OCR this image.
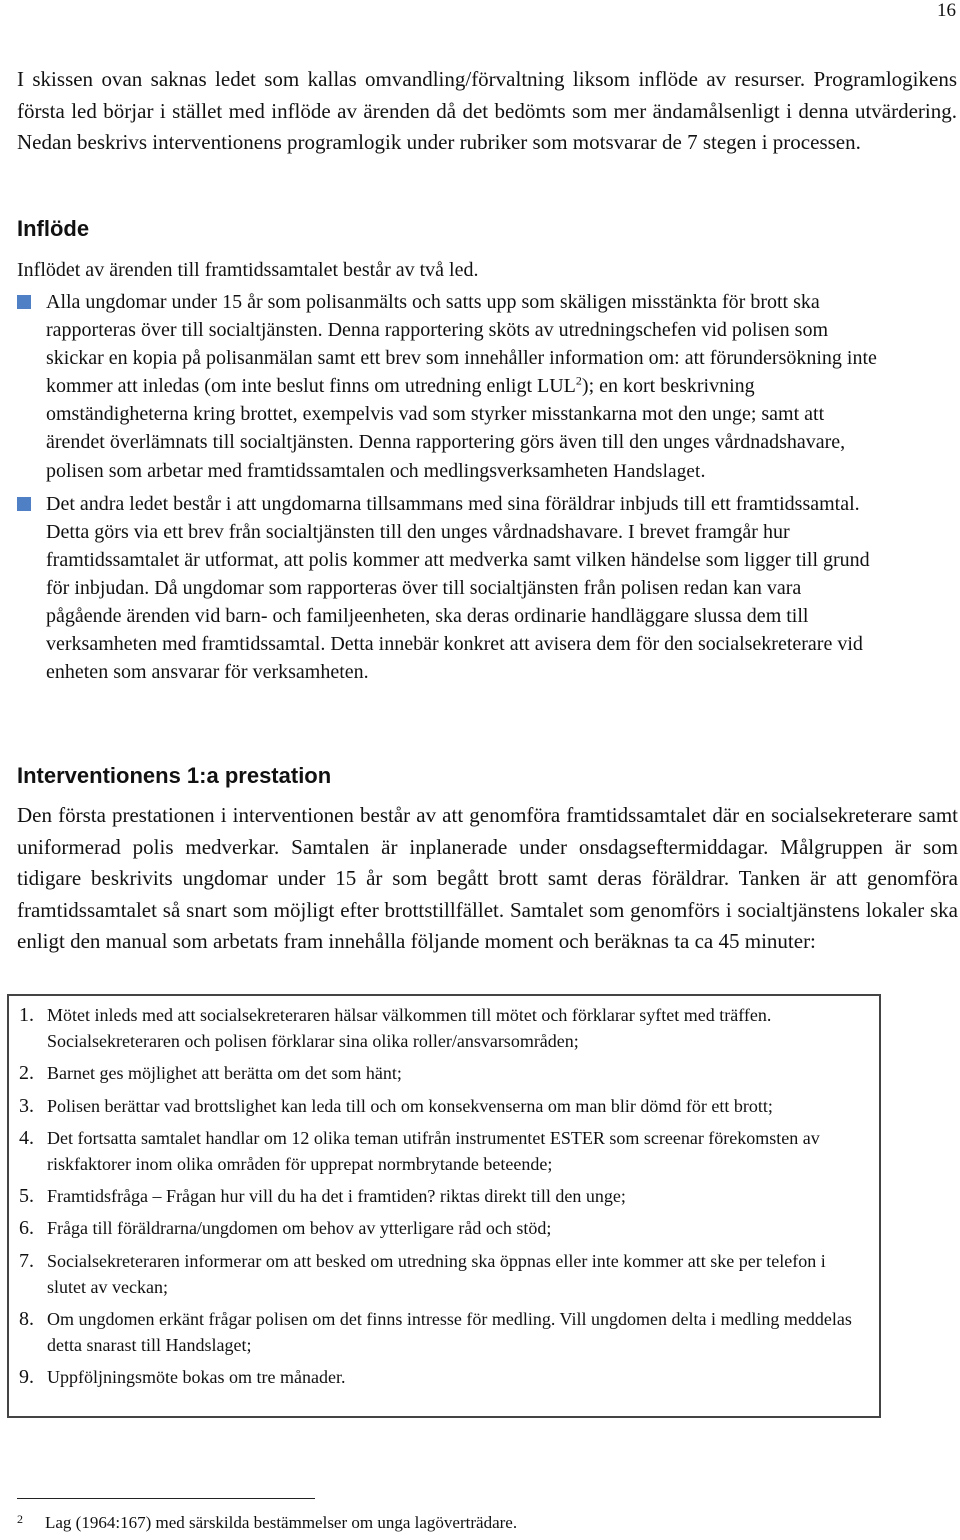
16

I skissen ovan saknas ledet som kallas omvandling/förvaltning liksom inflöde av resurser. Programlogikens första led börjar i stället med inflöde av ärenden då det bedömts som mer ändamålsenligt i denna utvärdering. Nedan beskrivs interventionens programlogik under rubriker som motsvarar de 7 stegen i processen.

Inflöde

Inflödet av ärenden till framtidssamtalet består av två led.

Alla ungdomar under 15 år som polisanmälts och satts upp som skäligen misstänkta för brott ska rapporteras över till socialtjänsten. Denna rapportering sköts av utredningschefen vid polisen som skickar en kopia på polisanmälan samt ett brev som innehåller information om: att förundersökning inte kommer att inledas (om inte beslut finns om utredning enligt LUL$^2$); en kort beskrivning omständigheterna kring brottet, exempelvis vad som styrker misstankarna mot den unge; samt att ärendet överlämnats till socialtjänsten. Denna rapportering görs även till den unges vårdnadshavare, polisen som arbetar med framtidssamtalen och medlingsverksamheten Handslaget.
Det andra ledet består i att ungdomarna tillsammans med sina föräldrar inbjuds till ett framtidssamtal. Detta görs via ett brev från socialtjänsten till den unges vårdnadshavare. I brevet framgår hur framtidssamtalet är utformat, att polis kommer att medverka samt vilken händelse som ligger till grund för inbjudan. Då ungdomar som rapporteras över till socialtjänsten från polisen redan kan vara pågående ärenden vid barn- och familjeenheten, ska deras ordinarie handläggare slussa dem till verksamheten med framtidssamtal. Detta innebär konkret att avisera dem för den socialsekreterare vid enheten som ansvarar för verksamheten.
Interventionens 1:a prestation

Den första prestationen i interventionen består av att genomföra framtidssamtalet där en socialsekreterare samt uniformerad polis medverkar. Samtalen är inplanerade under onsdagseftermiddagar. Målgruppen är som tidigare beskrivits ungdomar under 15 år som begått brott samt deras föräldrar. Tanken är att genomföra framtidssamtalet så snart som möjligt efter brottstillfället. Samtalet som genomförs i socialtjänstens lokaler ska enligt den manual som arbetats fram innehålla följande moment och beräknas ta ca 45 minuter:

1. Mötet inleds med att socialsekreteraren hälsar välkommen till mötet och förklarar syftet med träffen. Socialsekreteraren och polisen förklarar sina olika roller/ansvarsområden;
2. Barnet ges möjlighet att berätta om det som hänt;
3. Polisen berättar vad brottslighet kan leda till och om konsekvenserna om man blir dömd för ett brott;
4. Det fortsatta samtalet handlar om 12 olika teman utifrån instrumentet ESTER som screenar förekomsten av riskfaktorer inom olika områden för upprepat normbrytande beteende;
5. Framtidsfråga – Frågan hur vill du ha det i framtiden? riktas direkt till den unge;
6. Fråga till föräldrarna/ungdomen om behov av ytterligare råd och stöd;
7. Socialsekreteraren informerar om att besked om utredning ska öppnas eller inte kommer att ske per telefon i slutet av veckan;
8. Om ungdomen erkänt frågar polisen om det finns intresse för medling. Vill ungdomen delta i medling meddelas detta snarast till Handslaget;
9. Uppföljningsmöte bokas om tre månader.
$^2$ Lag (1964:167) med särskilda bestämmelser om unga lagöverträdare.
